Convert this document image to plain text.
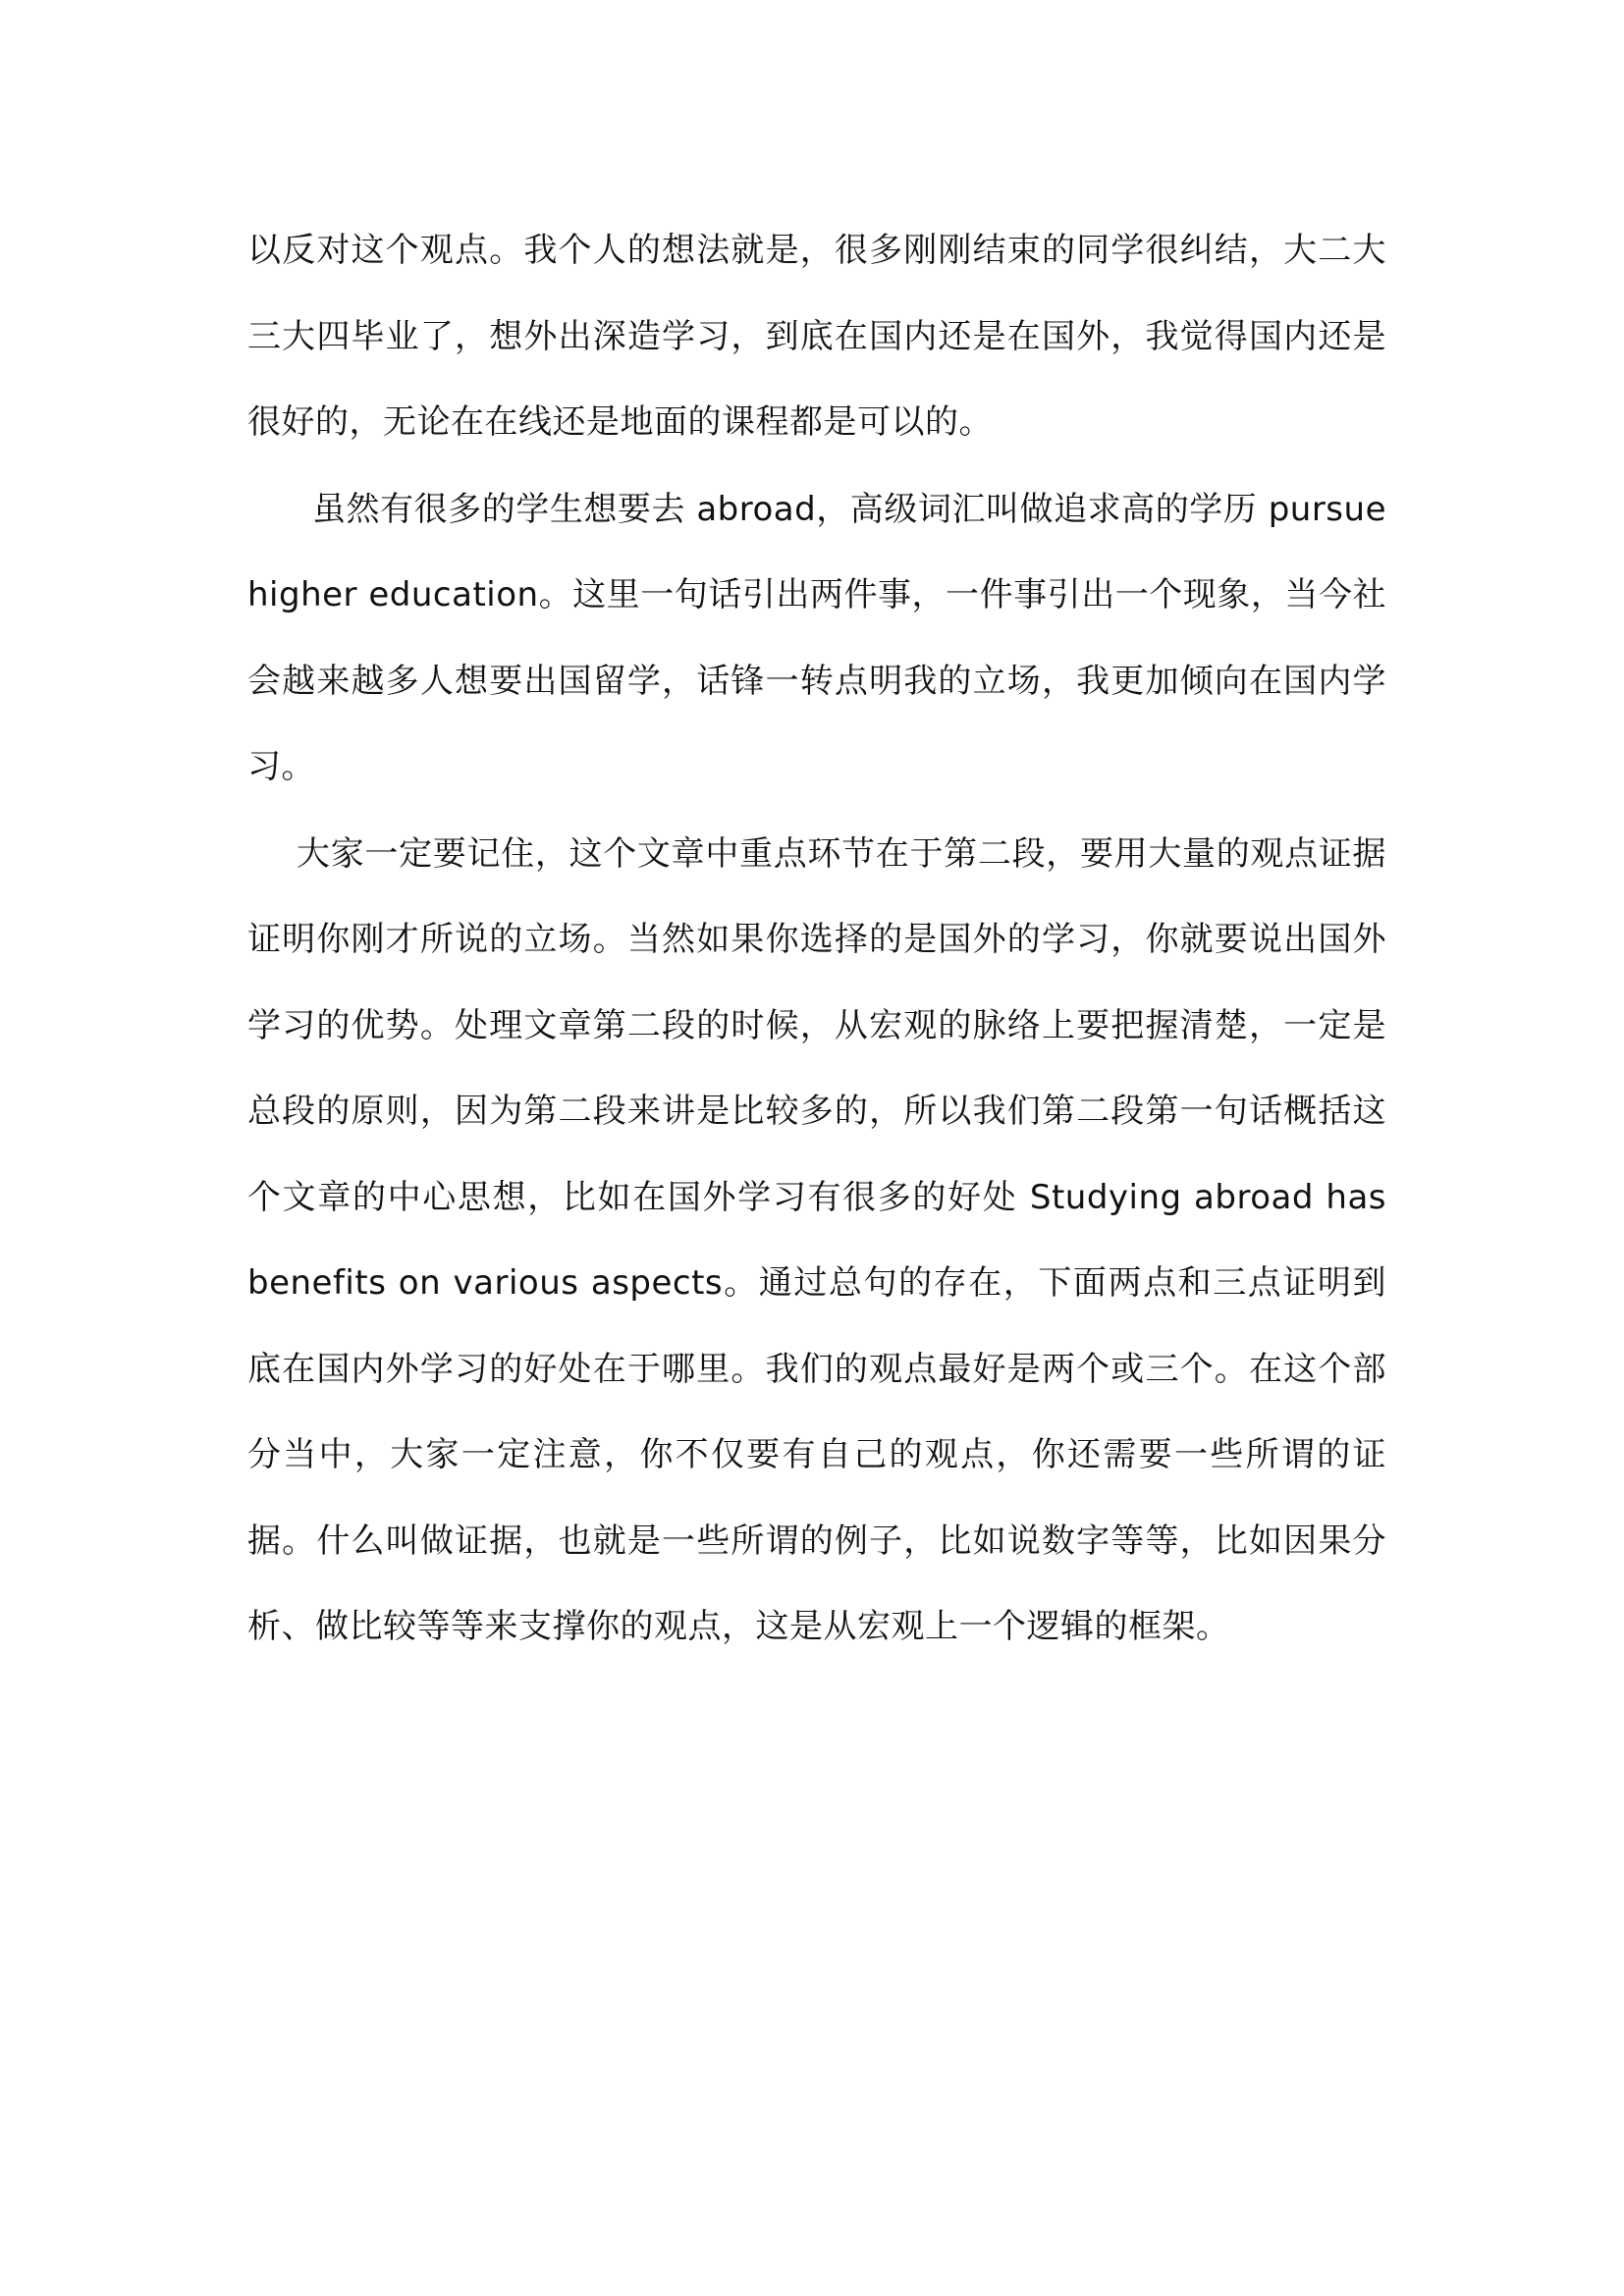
以反对这个观点。我个人的想法就是，很多刚刚结束的同学很纠结，大二大三大四毕业了，想外出深造学习，到底在国内还是在国外，我觉得国内还是很好的，无论在在线还是地面的课程都是可以的。

虽然有很多的学生想要去 abroad，高级词汇叫做追求高的学历 pursue higher education。这里一句话引出两件事，一件事引出一个现象，当今社会越来越多人想要出国留学，话锋一转点明我的立场，我更加倾向在国内学习。

大家一定要记住，这个文章中重点环节在于第二段，要用大量的观点证据证明你刚才所说的立场。当然如果你选择的是国外的学习，你就要说出国外学习的优势。处理文章第二段的时候，从宏观的脉络上要把握清楚，一定是总段的原则，因为第二段来讲是比较多的，所以我们第二段第一句话概括这个文章的中心思想，比如在国外学习有很多的好处 Studying abroad has benefits on various aspects。通过总句的存在，下面两点和三点证明到底在国内外学习的好处在于哪里。我们的观点最好是两个或三个。在这个部分当中，大家一定注意，你不仅要有自己的观点，你还需要一些所谓的证据。什么叫做证据，也就是一些所谓的例子，比如说数字等等，比如因果分析、做比较等等来支撑你的观点，这是从宏观上一个逻辑的框架。
